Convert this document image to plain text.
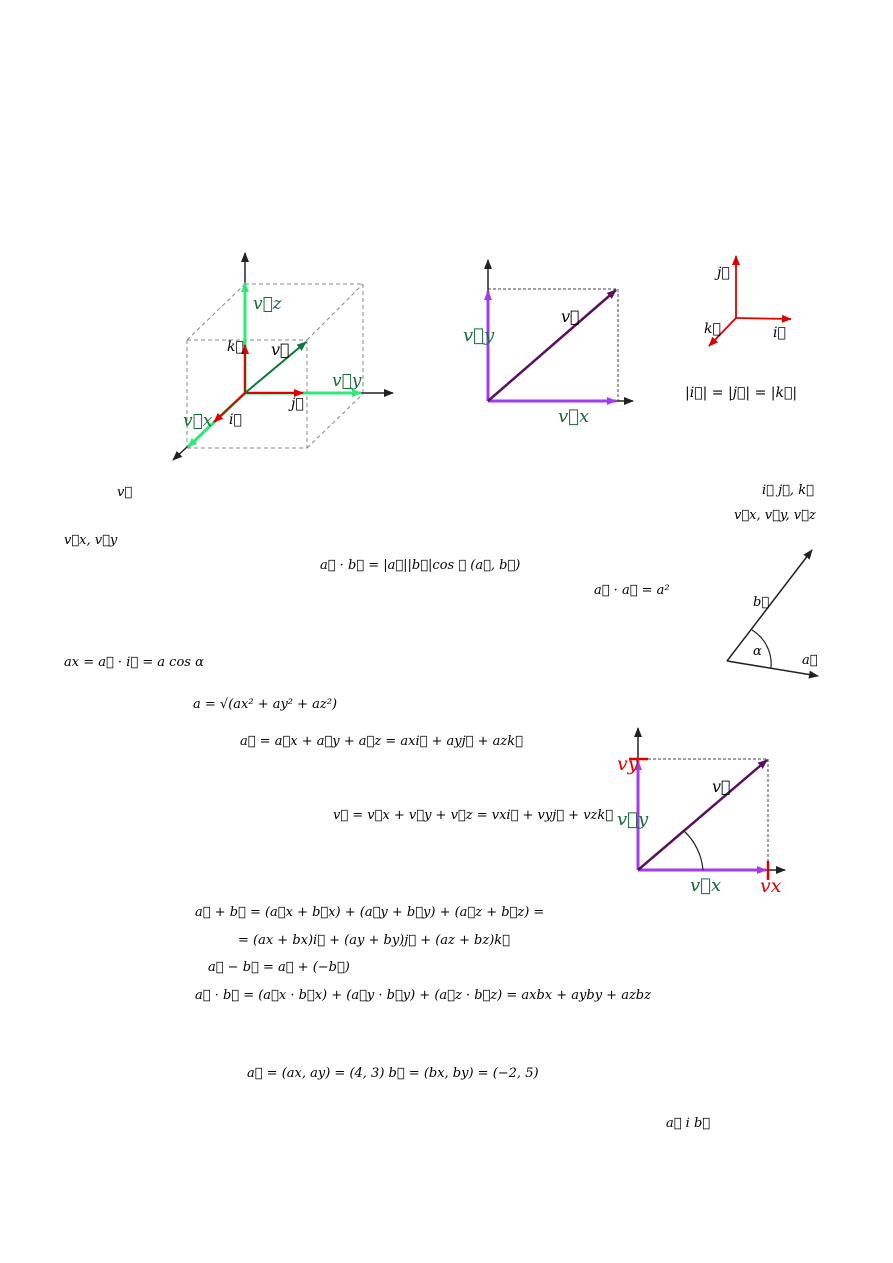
v⃗z
k⃗ v⃗
v⃗y
j⃗
v⃗x i⃗
v⃗y
v⃗
v⃗x
j⃗
k⃗	i⃗
|i⃗| = |j⃗| = |k⃗|
v⃗	i⃗ j⃗, k⃗
v⃗x, v⃗y, v⃗z
v⃗x, v⃗y
a⃗ · b⃗ = |a⃗||b⃗|cos ∢ (a⃗, b⃗)
a⃗ · a⃗ = a²
ax = a⃗ · i⃗ = a cos α
a = √(ax² + ay² + az²)
a⃗ = a⃗x + a⃗y + a⃗z = axi⃗ + ayj⃗ + azk⃗
v⃗ = v⃗x + v⃗y + v⃗z = vxi⃗ + vyj⃗ + vzk⃗
a⃗ + b⃗ = (a⃗x + b⃗x) + (a⃗y + b⃗y) + (a⃗z + b⃗z) =
= (ax + bx)i⃗ + (ay + by)j⃗ + (az + bz)k⃗
a⃗ − b⃗ = a⃗ + (−b⃗)
a⃗ · b⃗ = (a⃗x · b⃗x) + (a⃗y · b⃗y) + (a⃗z · b⃗z) = axbx + ayby + azbz
a⃗ = (ax, ay) = (4, 3) b⃗ = (bx, by) = (−2, 5)
a⃗ i b⃗
b⃗
α
a⃗
vy
v⃗y
v⃗
v⃗x vx
